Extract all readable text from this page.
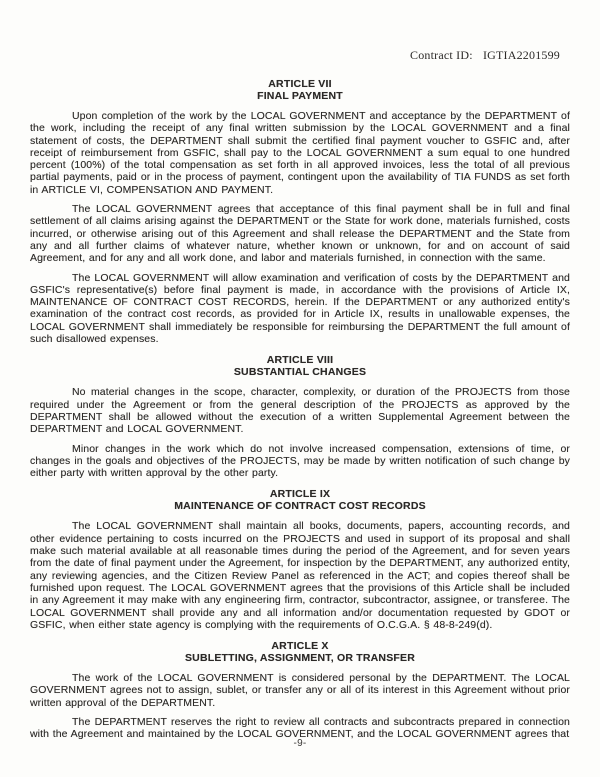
Contract ID: IGTIA2201599
ARTICLE VII
FINAL PAYMENT

Upon completion of the work by the LOCAL GOVERNMENT and acceptance by the DEPARTMENT of the work, including the receipt of any final written submission by the LOCAL GOVERNMENT and a final statement of costs, the DEPARTMENT shall submit the certified final payment voucher to GSFIC and, after receipt of reimbursement from GSFIC, shall pay to the LOCAL GOVERNMENT a sum equal to one hundred percent (100%) of the total compensation as set forth in all approved invoices, less the total of all previous partial payments, paid or in the process of payment, contingent upon the availability of TIA FUNDS as set forth in ARTICLE VI, COMPENSATION AND PAYMENT.

The LOCAL GOVERNMENT agrees that acceptance of this final payment shall be in full and final settlement of all claims arising against the DEPARTMENT or the State for work done, materials furnished, costs incurred, or otherwise arising out of this Agreement and shall release the DEPARTMENT and the State from any and all further claims of whatever nature, whether known or unknown, for and on account of said Agreement, and for any and all work done, and labor and materials furnished, in connection with the same.

The LOCAL GOVERNMENT will allow examination and verification of costs by the DEPARTMENT and GSFIC's representative(s) before final payment is made, in accordance with the provisions of Article IX, MAINTENANCE OF CONTRACT COST RECORDS, herein. If the DEPARTMENT or any authorized entity's examination of the contract cost records, as provided for in Article IX, results in unallowable expenses, the LOCAL GOVERNMENT shall immediately be responsible for reimbursing the DEPARTMENT the full amount of such disallowed expenses.

ARTICLE VIII
SUBSTANTIAL CHANGES

No material changes in the scope, character, complexity, or duration of the PROJECTS from those required under the Agreement or from the general description of the PROJECTS as approved by the DEPARTMENT shall be allowed without the execution of a written Supplemental Agreement between the DEPARTMENT and LOCAL GOVERNMENT.

Minor changes in the work which do not involve increased compensation, extensions of time, or changes in the goals and objectives of the PROJECTS, may be made by written notification of such change by either party with written approval by the other party.

ARTICLE IX
MAINTENANCE OF CONTRACT COST RECORDS

The LOCAL GOVERNMENT shall maintain all books, documents, papers, accounting records, and other evidence pertaining to costs incurred on the PROJECTS and used in support of its proposal and shall make such material available at all reasonable times during the period of the Agreement, and for seven years from the date of final payment under the Agreement, for inspection by the DEPARTMENT, any authorized entity, any reviewing agencies, and the Citizen Review Panel as referenced in the ACT; and copies thereof shall be furnished upon request. The LOCAL GOVERNMENT agrees that the provisions of this Article shall be included in any Agreement it may make with any engineering firm, contractor, subcontractor, assignee, or transferee. The LOCAL GOVERNMENT shall provide any and all information and/or documentation requested by GDOT or GSFIC, when either state agency is complying with the requirements of O.C.G.A. § 48-8-249(d).

ARTICLE X
SUBLETTING, ASSIGNMENT, OR TRANSFER

The work of the LOCAL GOVERNMENT is considered personal by the DEPARTMENT. The LOCAL GOVERNMENT agrees not to assign, sublet, or transfer any or all of its interest in this Agreement without prior written approval of the DEPARTMENT.

The DEPARTMENT reserves the right to review all contracts and subcontracts prepared in connection with the Agreement and maintained by the LOCAL GOVERNMENT, and the LOCAL GOVERNMENT agrees that

-9-
